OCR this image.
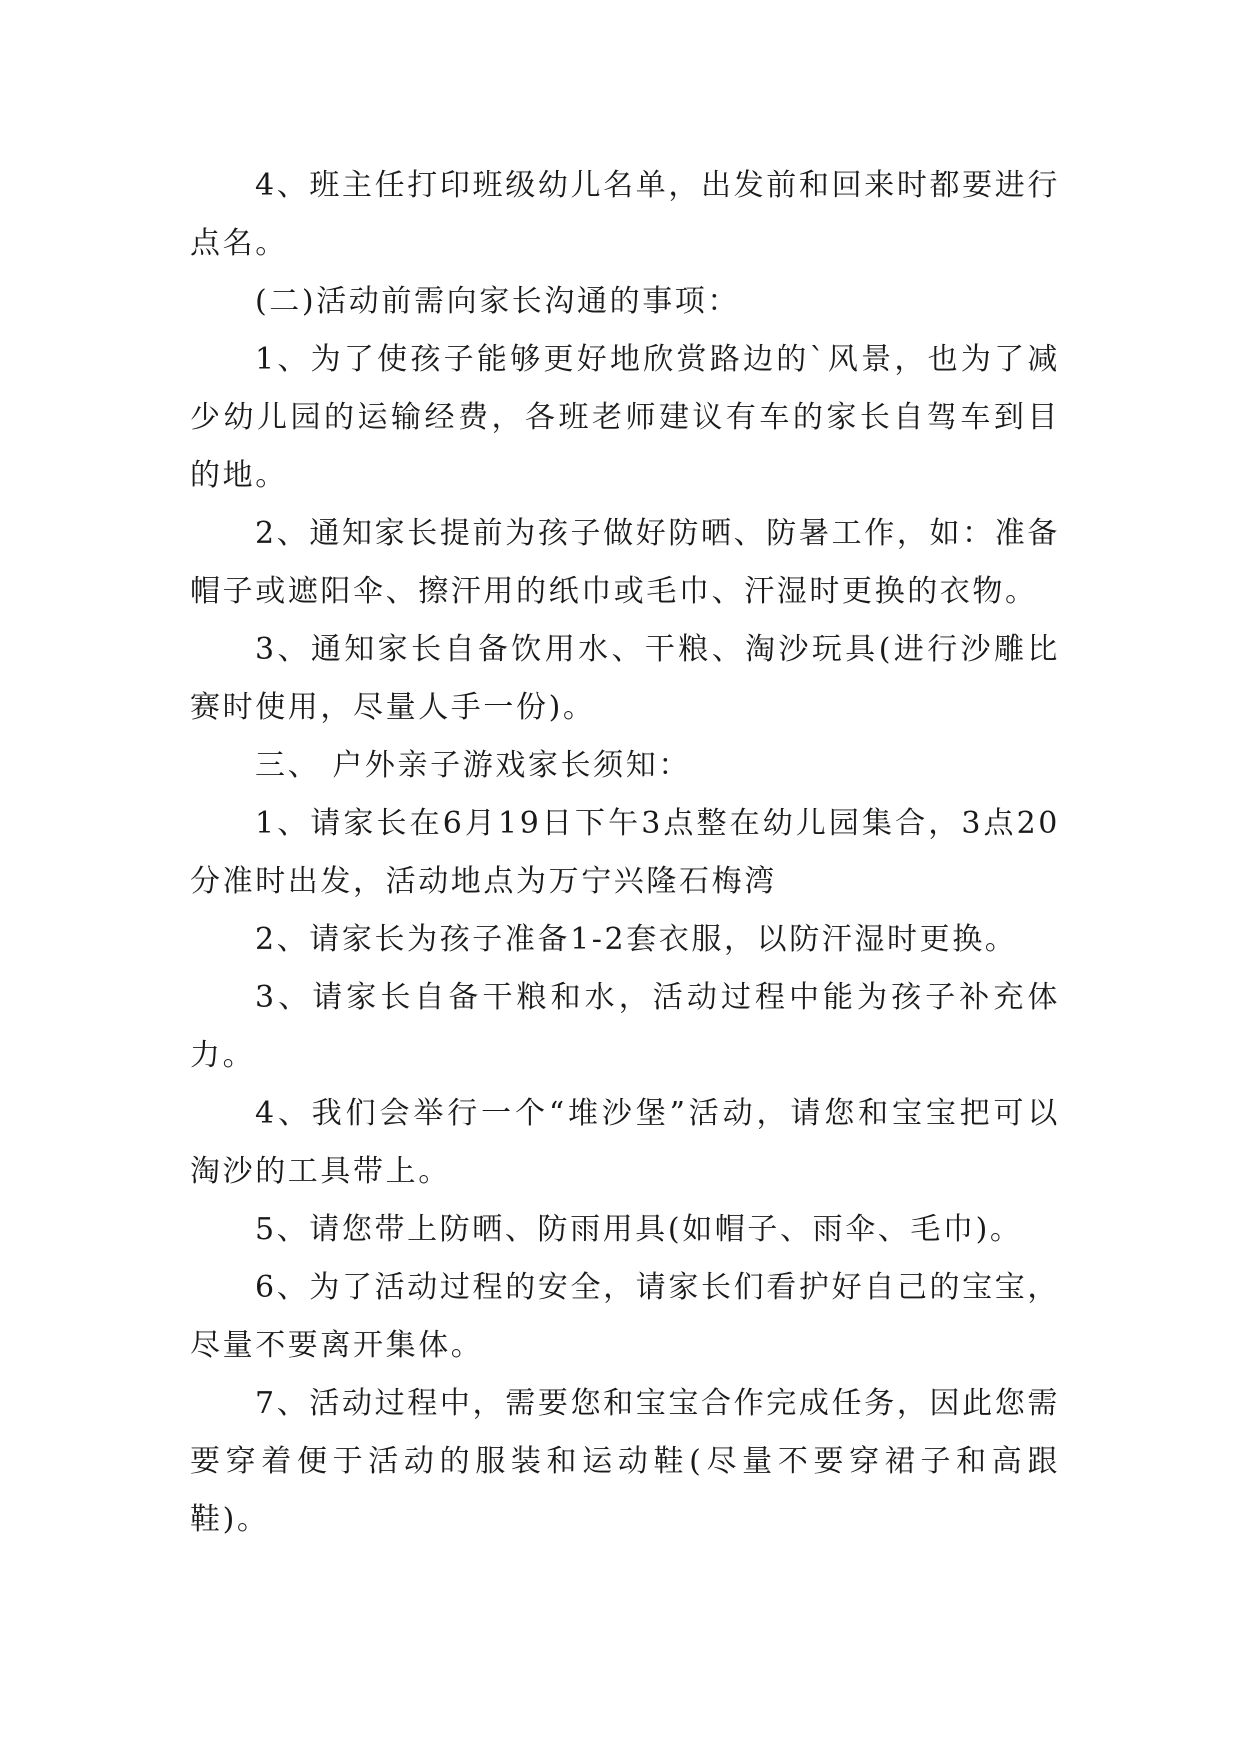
4、班主任打印班级幼儿名单，出发前和回来时都要进行点名。

(二)活动前需向家长沟通的事项：

1、为了使孩子能够更好地欣赏路边的`风景，也为了减少幼儿园的运输经费，各班老师建议有车的家长自驾车到目的地。

2、通知家长提前为孩子做好防晒、防暑工作，如：准备帽子或遮阳伞、擦汗用的纸巾或毛巾、汗湿时更换的衣物。

3、通知家长自备饮用水、干粮、淘沙玩具(进行沙雕比赛时使用，尽量人手一份)。

三、 户外亲子游戏家长须知：

1、请家长在6月19日下午3点整在幼儿园集合，3点20分准时出发，活动地点为万宁兴隆石梅湾

2、请家长为孩子准备1-2套衣服，以防汗湿时更换。

3、请家长自备干粮和水，活动过程中能为孩子补充体力。

4、我们会举行一个“堆沙堡”活动，请您和宝宝把可以淘沙的工具带上。

5、请您带上防晒、防雨用具(如帽子、雨伞、毛巾)。

6、为了活动过程的安全，请家长们看护好自己的宝宝，尽量不要离开集体。

7、活动过程中，需要您和宝宝合作完成任务，因此您需要穿着便于活动的服装和运动鞋(尽量不要穿裙子和高跟鞋)。
